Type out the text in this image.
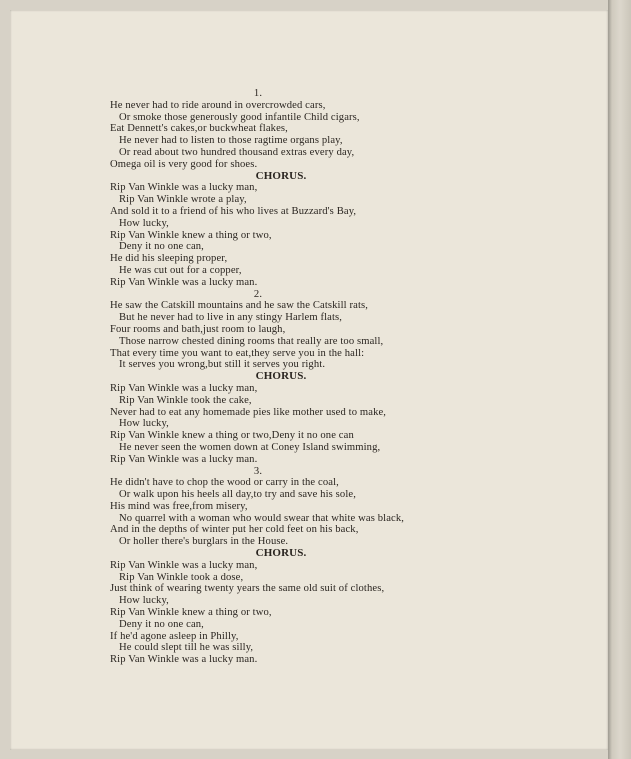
1.
He never had to ride around in overcrowded cars,
Or smoke those generously good infantile Child cigars,
Eat Dennett's cakes,or buckwheat flakes,
He never had to listen to those ragtime organs play,
Or read about two hundred thousand extras every day,
Omega oil is very good for shoes.
CHORUS.
Rip Van Winkle was a lucky man,
Rip Van Winkle wrote a play,
And sold it to a friend of his who lives at Buzzard's Bay,
How lucky,
Rip Van Winkle knew a thing or two,
Deny it no one can,
He did his sleeping proper,
He was cut out for a copper,
Rip Van Winkle was a lucky man.
2.
He saw the Catskill mountains and he saw the Catskill rats,
But he never had to live in any stingy Harlem flats,
Four rooms and bath,just room to laugh,
Those narrow chested dining rooms that really are too small,
That every time you want to eat,they serve you in the hall:
It serves you wrong,but still it serves you right.
CHORUS.
Rip Van Winkle was a lucky man,
Rip Van Winkle took the cake,
Never had to eat any homemade pies like mother used to make,
How lucky,
Rip Van Winkle knew a thing or two,Deny it no one can
He never seen the women down at Coney Island swimming,
Rip Van Winkle was a lucky man.
3.
He didn't have to chop the wood or carry in the coal,
Or walk upon his heels all day,to try and save his sole,
His mind was free,from misery,
No quarrel with a woman who would swear that white was black,
And in the depths of winter put her cold feet on his back,
Or holler there's burglars in the House.
CHORUS.
Rip Van Winkle was a lucky man,
Rip Van Winkle took a dose,
Just think of wearing twenty years the same old suit of clothes,
How lucky,
Rip Van Winkle knew a thing or two,
Deny it no one can,
If he'd agone asleep in Philly,
He could slept till he was silly,
Rip Van Winkle was a lucky man.
